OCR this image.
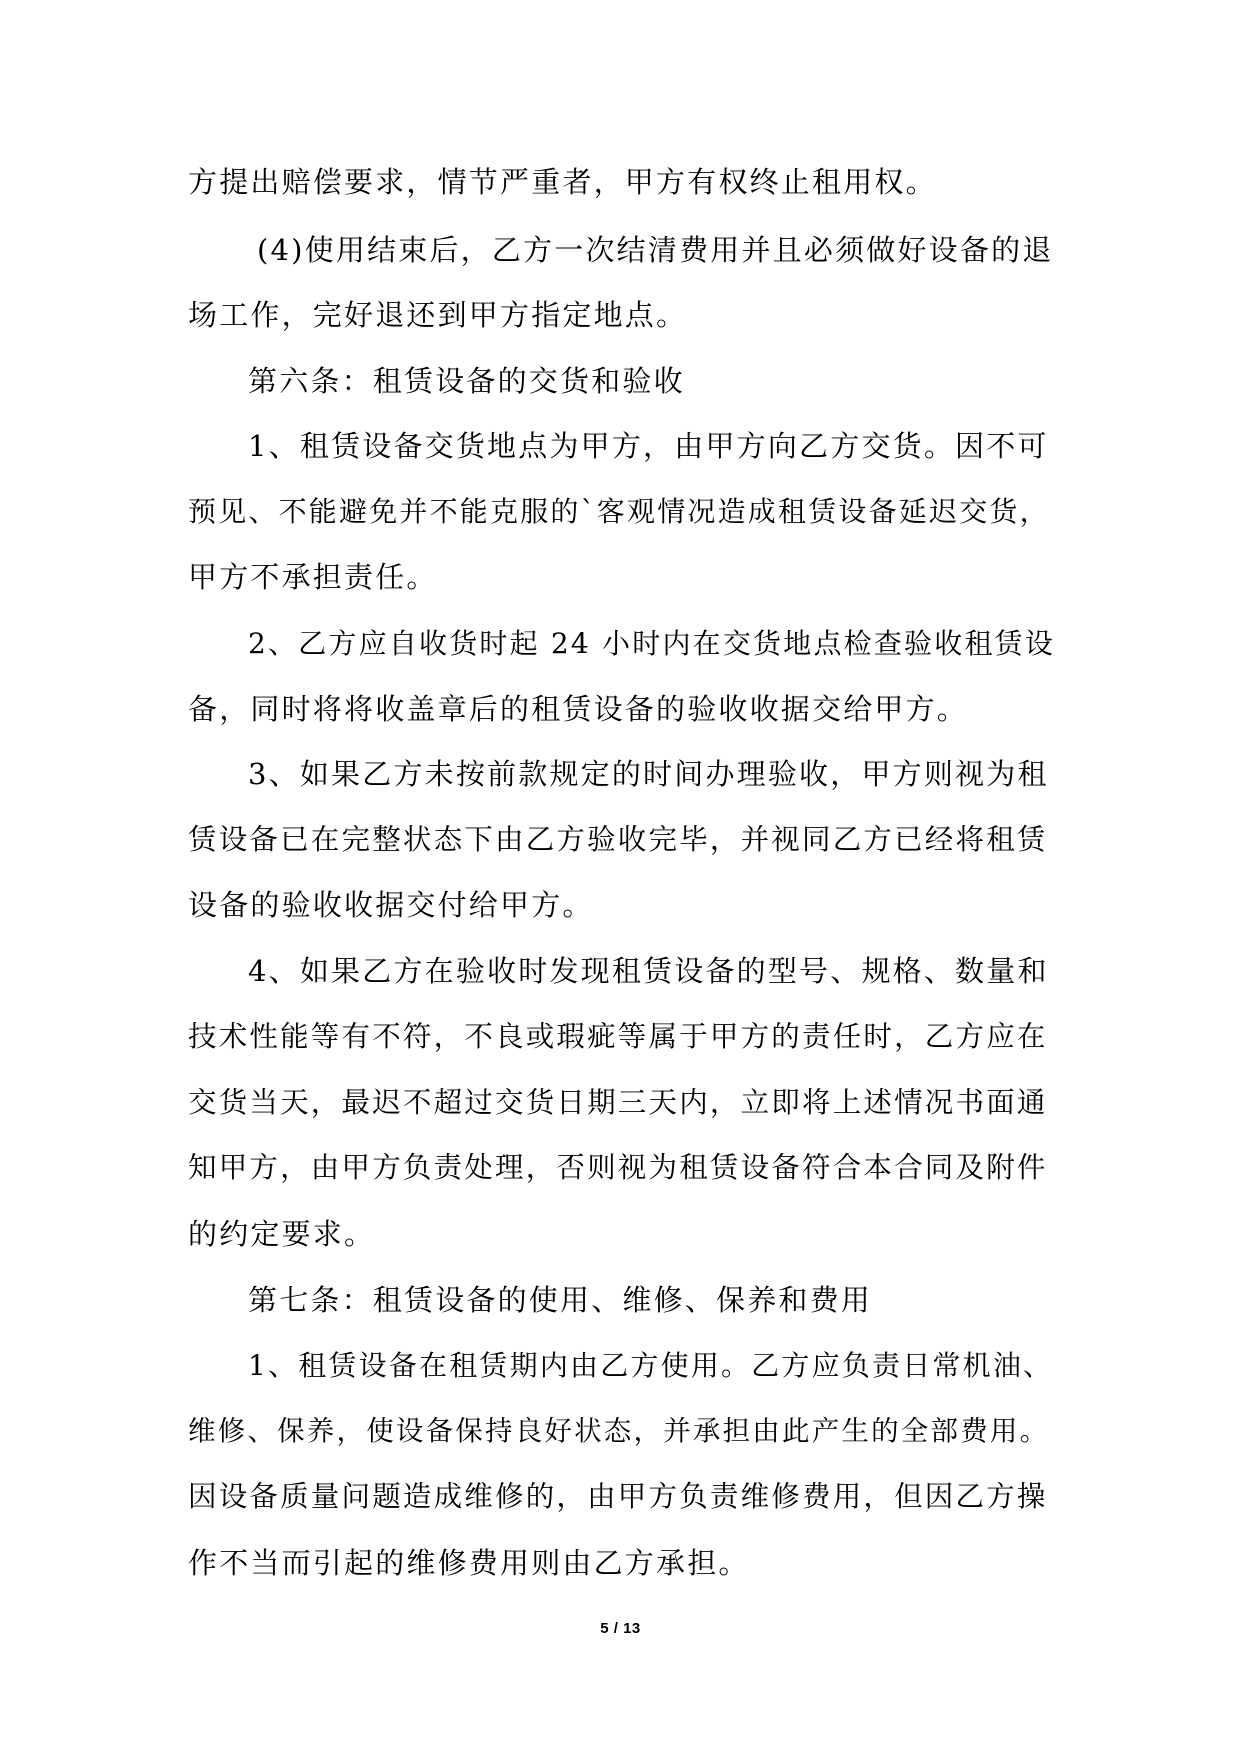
方提出赔偿要求，情节严重者，甲方有权终止租用权。
(4)使用结束后，乙方一次结清费用并且必须做好设备的退
场工作，完好退还到甲方指定地点。
第六条：租赁设备的交货和验收
1、租赁设备交货地点为甲方，由甲方向乙方交货。因不可
预见、不能避免并不能克服的`客观情况造成租赁设备延迟交货，
甲方不承担责任。
2、乙方应自收货时起 24 小时内在交货地点检查验收租赁设
备，同时将将收盖章后的租赁设备的验收收据交给甲方。
3、如果乙方未按前款规定的时间办理验收，甲方则视为租
赁设备已在完整状态下由乙方验收完毕，并视同乙方已经将租赁
设备的验收收据交付给甲方。
4、如果乙方在验收时发现租赁设备的型号、规格、数量和
技术性能等有不符，不良或瑕疵等属于甲方的责任时，乙方应在
交货当天，最迟不超过交货日期三天内，立即将上述情况书面通
知甲方，由甲方负责处理，否则视为租赁设备符合本合同及附件
的约定要求。
第七条：租赁设备的使用、维修、保养和费用
1、租赁设备在租赁期内由乙方使用。乙方应负责日常机油、
维修、保养，使设备保持良好状态，并承担由此产生的全部费用。
因设备质量问题造成维修的，由甲方负责维修费用，但因乙方操
作不当而引起的维修费用则由乙方承担。
5 / 13
